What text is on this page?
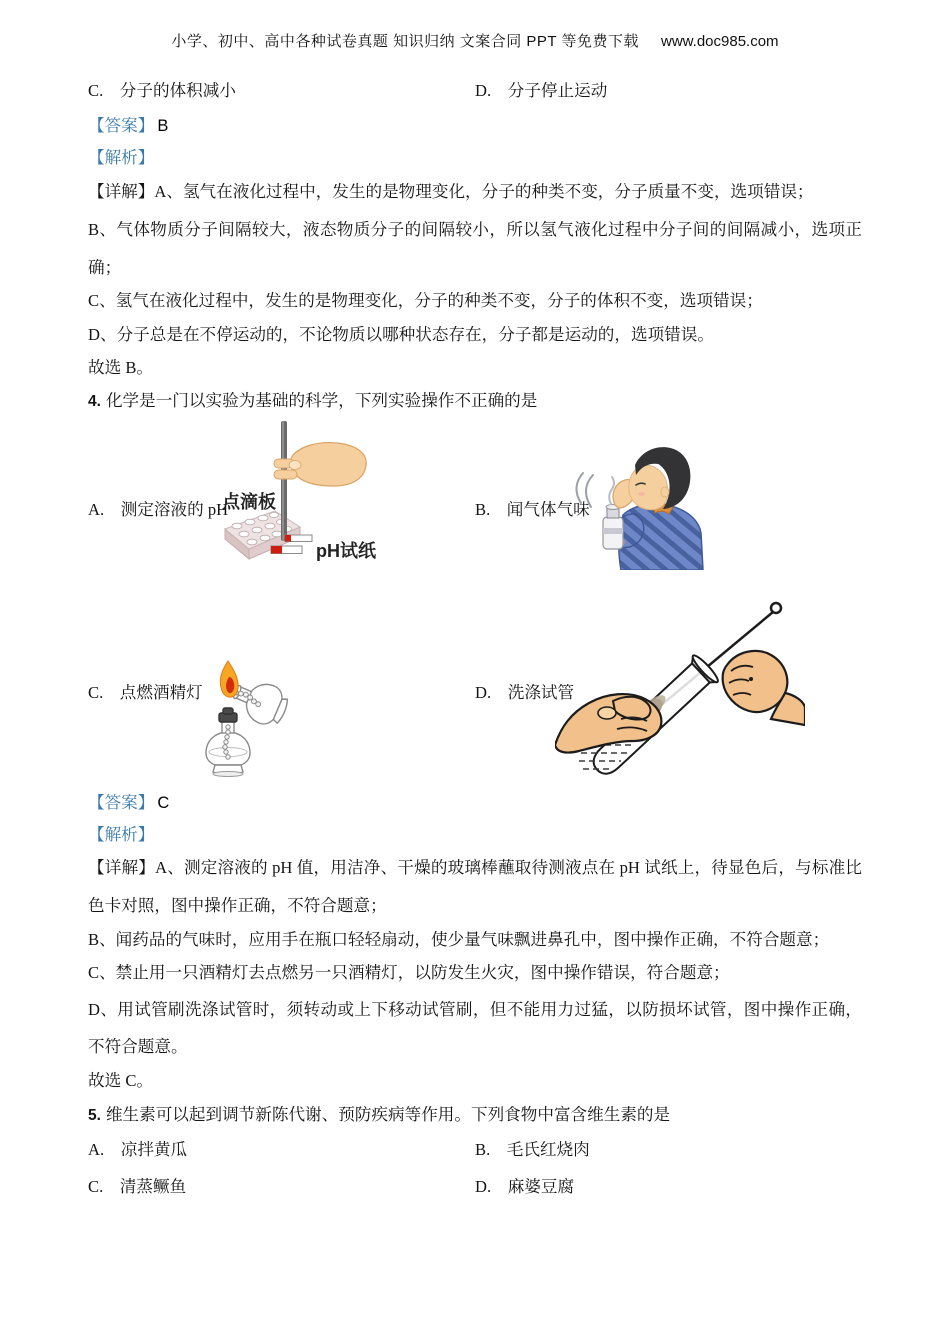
小学、初中、高中各种试卷真题 知识归纳 文案合同 PPT 等免费下载 www.doc985.com
C.　分子的体积减小	D.　分子停止运动
【答案】 B
【解析】
【详解】A、氢气在液化过程中，发生的是物理变化，分子的种类不变，分子质量不变，选项错误；
B、气体物质分子间隔较大，液态物质分子的间隔较小，所以氢气液化过程中分子间的间隔减小，选项正
确；
C、氢气在液化过程中，发生的是物理变化，分子的种类不变，分子的体积不变，选项错误；
D、分子总是在不停运动的，不论物质以哪种状态存在，分子都是运动的，选项错误。
故选 B。
4. 化学是一门以实验为基础的科学，下列实验操作不正确的是
点滴板
pH试纸
A.　测定溶液的 pH	B.　闻气体气味
C.　点燃酒精灯	D.　洗涤试管
【答案】 C
【解析】
【详解】A、测定溶液的 pH 值，用洁净、干燥的玻璃棒蘸取待测液点在 pH 试纸上，待显色后，与标准比
色卡对照，图中操作正确，不符合题意；
B、闻药品的气味时，应用手在瓶口轻轻扇动，使少量气味飘进鼻孔中，图中操作正确，不符合题意；
C、禁止用一只酒精灯去点燃另一只酒精灯，以防发生火灾，图中操作错误，符合题意；
D、用试管刷洗涤试管时，须转动或上下移动试管刷，但不能用力过猛，以防损坏试管，图中操作正确，
不符合题意。
故选 C。
5. 维生素可以起到调节新陈代谢、预防疾病等作用。下列食物中富含维生素的是
A.　凉拌黄瓜	B.　毛氏红烧肉
C.　清蒸鳜鱼	D.　麻婆豆腐
